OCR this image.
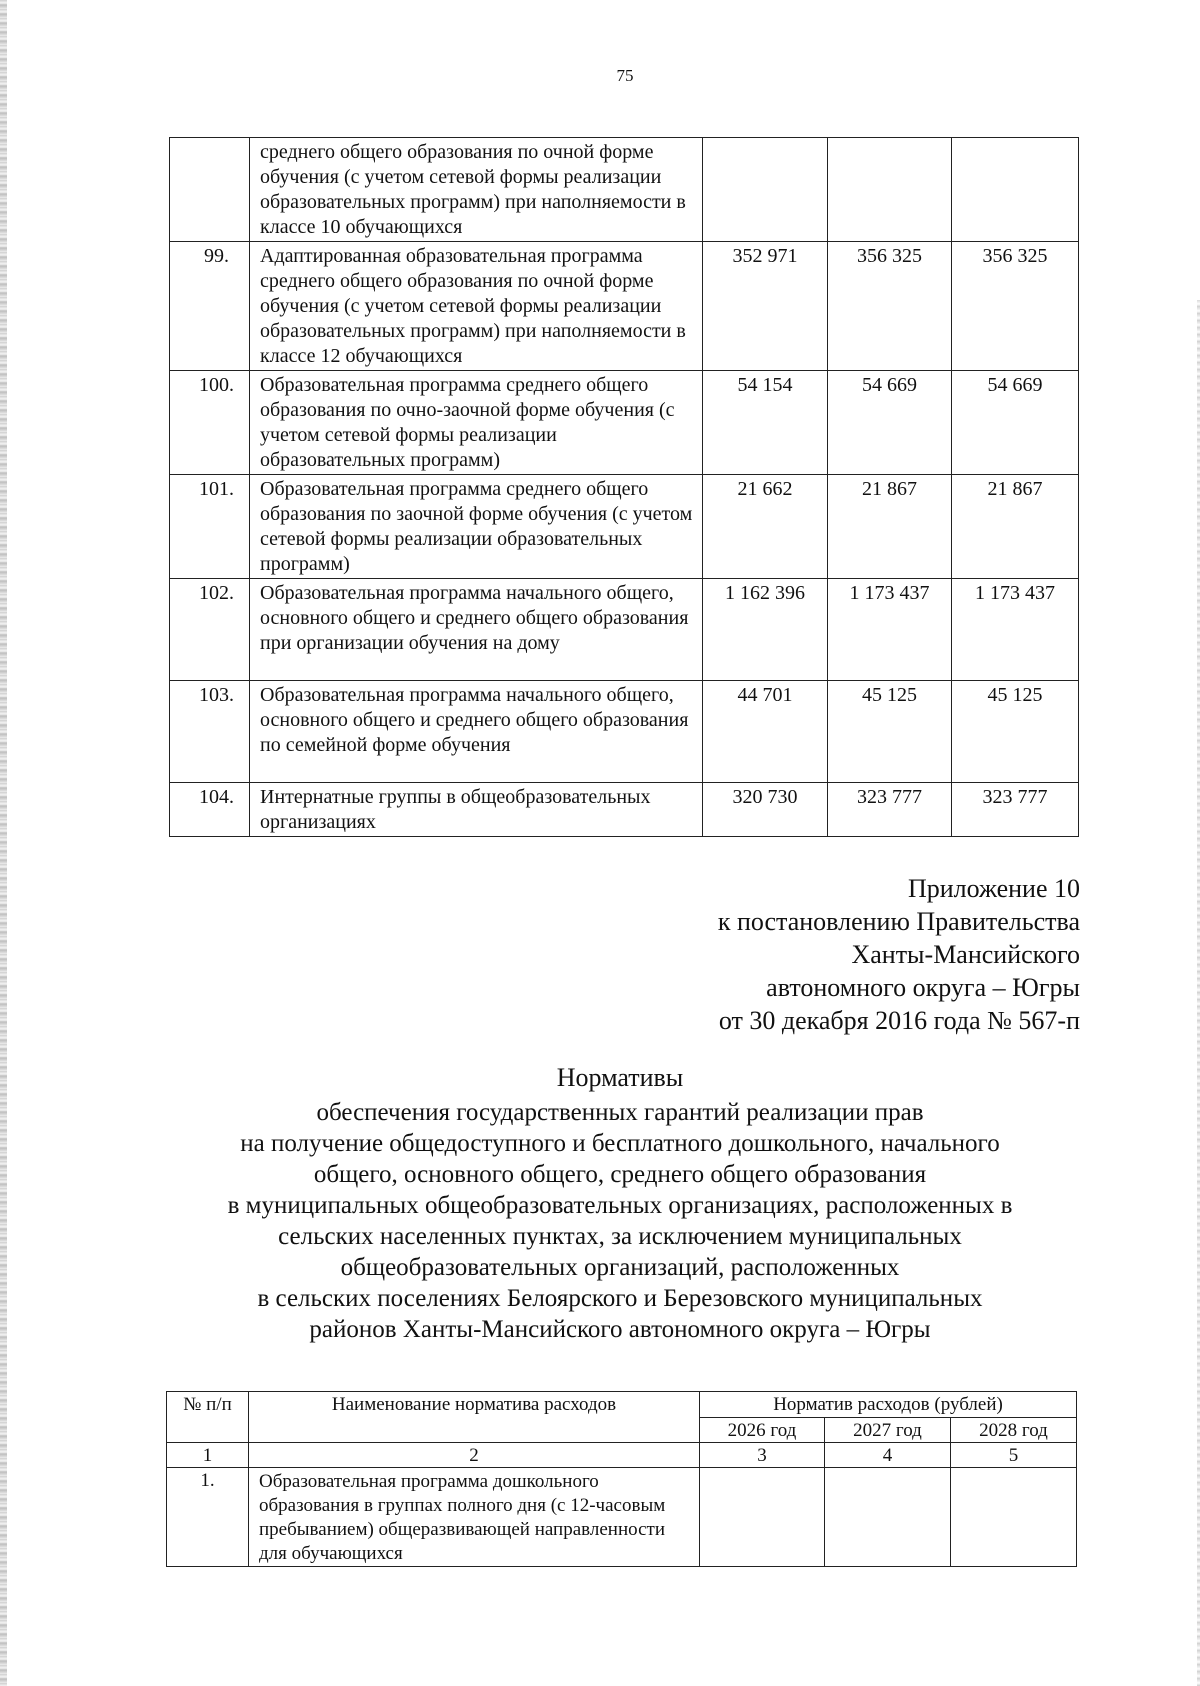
75
	среднего общего образования по очной форме обучения (с учетом сетевой формы реализации образовательных программ) при наполняемости в классе 10 обучающихся			
99.	Адаптированная образовательная программа среднего общего образования по очной форме обучения (с учетом сетевой формы реализации образовательных программ) при наполняемости в классе 12 обучающихся	352 971	356 325	356 325
100.	Образовательная программа среднего общего образования по очно-заочной форме обучения (с учетом сетевой формы реализации образовательных программ)	54 154	54 669	54 669
101.	Образовательная программа среднего общего образования по заочной форме обучения (с учетом сетевой формы реализации образовательных программ)	21 662	21 867	21 867
102.	Образовательная программа начального общего, основного общего и среднего общего образования при организации обучения на дому	1 162 396	1 173 437	1 173 437
103.	Образовательная программа начального общего, основного общего и среднего общего образования по семейной форме обучения	44 701	45 125	45 125
104.	Интернатные группы в общеобразовательных организациях	320 730	323 777	323 777
Приложение 10
к постановлению Правительства
Ханты-Мансийского
автономного округа – Югры
от 30 декабря 2016 года № 567-п
Нормативы
обеспечения государственных гарантий реализации прав
на получение общедоступного и бесплатного дошкольного, начального
общего, основного общего, среднего общего образования
в муниципальных общеобразовательных организациях, расположенных в
сельских населенных пунктах, за исключением муниципальных
общеобразовательных организаций, расположенных
в сельских поселениях Белоярского и Березовского муниципальных
районов Ханты-Мансийского автономного округа – Югры
№ п/п	Наименование норматива расходов	Норматив расходов (рублей)		
		2026 год	2027 год	2028 год
1	2	3	4	5
1.	Образовательная программа дошкольного образования в группах полного дня (с 12-часовым пребыванием) общеразвивающей направленности для обучающихся			
